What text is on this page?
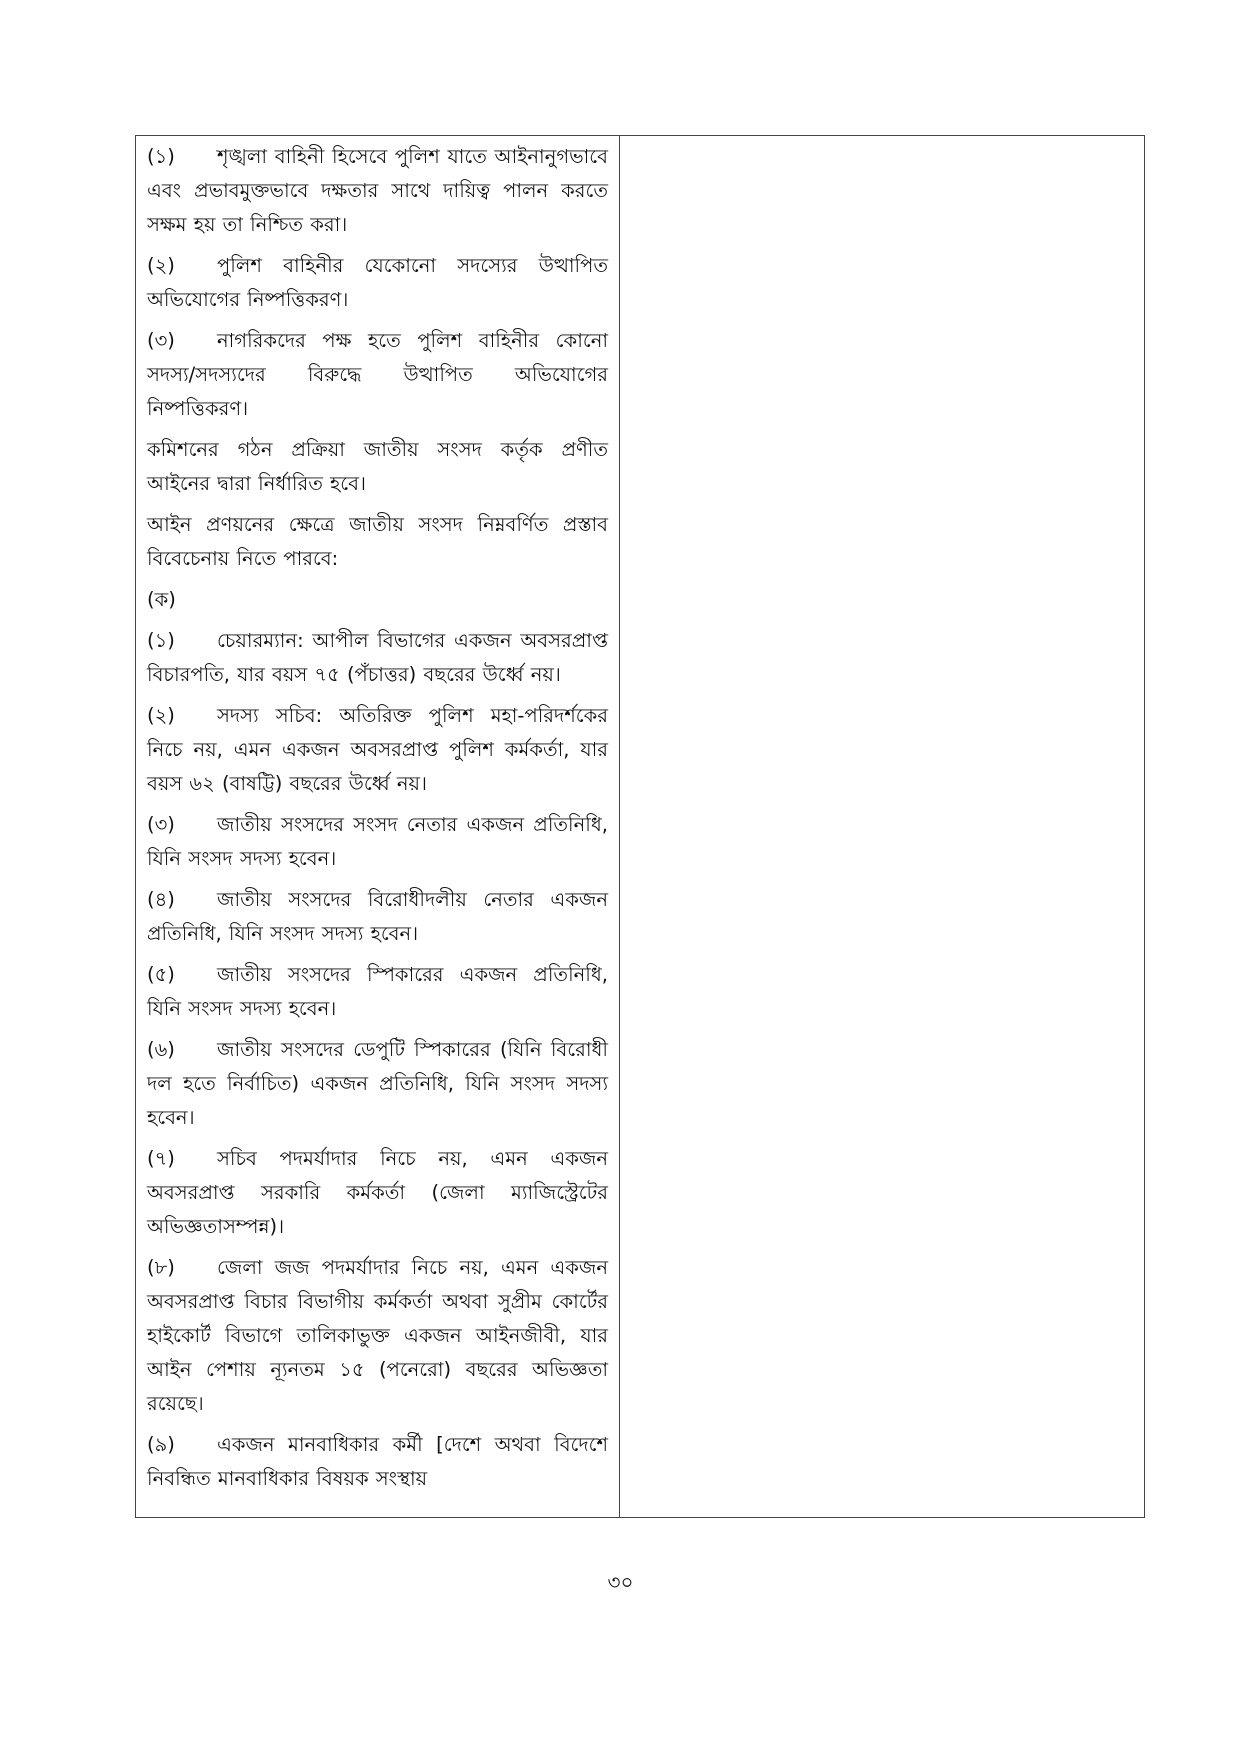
(১) শৃঙ্খলা বাহিনী হিসেবে পুলিশ যাতে আইনানুগভাবে এবং প্রভাবমুক্তভাবে দক্ষতার সাথে দায়িত্ব পালন করতে সক্ষম হয় তা নিশ্চিত করা।

(২) পুলিশ বাহিনীর যেকোনো সদস্যের উত্থাপিত অভিযোগের নিষ্পত্তিকরণ।

(৩) নাগরিকদের পক্ষ হতে পুলিশ বাহিনীর কোনো সদস্য/সদস্যদের বিরুদ্ধে উত্থাপিত অভিযোগের নিষ্পত্তিকরণ।

কমিশনের গঠন প্রক্রিয়া জাতীয় সংসদ কর্তৃক প্রণীত আইনের দ্বারা নির্ধারিত হবে।

আইন প্রণয়নের ক্ষেত্রে জাতীয় সংসদ নিম্নবর্ণিত প্রস্তাব বিবেচেনায় নিতে পারবে:

(ক)

(১) চেয়ারম্যান: আপীল বিভাগের একজন অবসরপ্রাপ্ত বিচারপতি, যার বয়স ৭৫ (পঁচাত্তর) বছরের উর্ধ্বে নয়।

(২) সদস্য সচিব: অতিরিক্ত পুলিশ মহা-পরিদর্শকের নিচে নয়, এমন একজন অবসরপ্রাপ্ত পুলিশ কর্মকর্তা, যার বয়স ৬২ (বাষট্টি) বছরের উর্ধ্বে নয়।

(৩) জাতীয় সংসদের সংসদ নেতার একজন প্রতিনিধি, যিনি সংসদ সদস্য হবেন।

(৪) জাতীয় সংসদের বিরোধীদলীয় নেতার একজন প্রতিনিধি, যিনি সংসদ সদস্য হবেন।

(৫) জাতীয় সংসদের স্পিকারের একজন প্রতিনিধি, যিনি সংসদ সদস্য হবেন।

(৬) জাতীয় সংসদের ডেপুটি স্পিকারের (যিনি বিরোধী দল হতে নির্বাচিত) একজন প্রতিনিধি, যিনি সংসদ সদস্য হবেন।

(৭) সচিব পদমর্যাদার নিচে নয়, এমন একজন অবসরপ্রাপ্ত সরকারি কর্মকর্তা (জেলা ম্যাজিস্ট্রেটের অভিজ্ঞতাসম্পন্ন)।

(৮) জেলা জজ পদমর্যাদার নিচে নয়, এমন একজন অবসরপ্রাপ্ত বিচার বিভাগীয় কর্মকর্তা অথবা সুপ্রীম কোর্টের হাইকোর্ট বিভাগে তালিকাভুক্ত একজন আইনজীবী, যার আইন পেশায় ন্যূনতম ১৫ (পনেরো) বছরের অভিজ্ঞতা রয়েছে।

(৯) একজন মানবাধিকার কর্মী [দেশে অথবা বিদেশে নিবন্ধিত মানবাধিকার বিষয়ক সংস্থায়

৩০
